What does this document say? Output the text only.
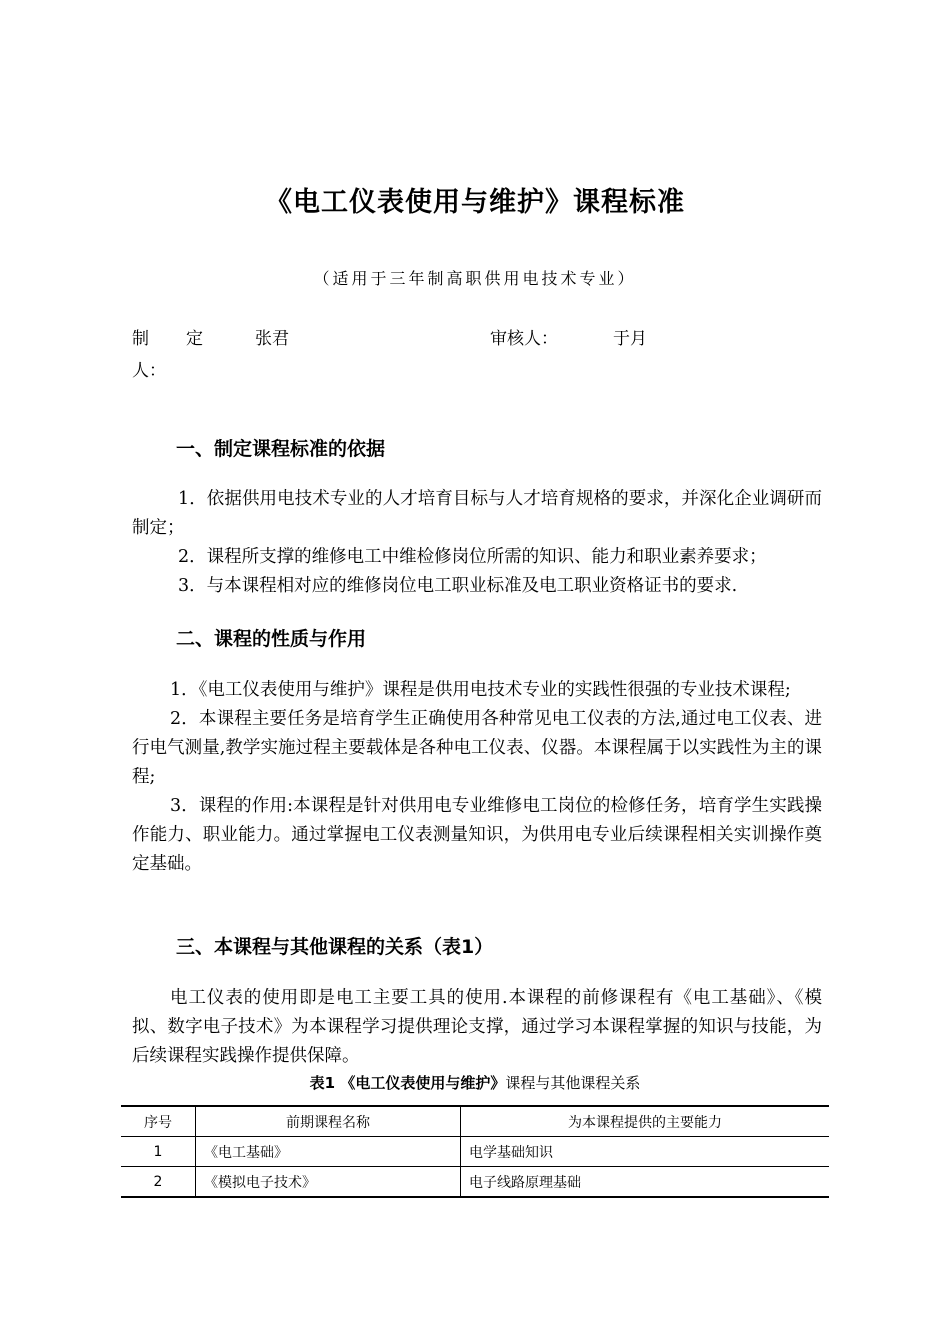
《电工仪表使用与维护》课程标准
（适用于三年制高职供用电技术专业）
制 定
人：
张君	审核人：	于月
一、制定课程标准的依据

1．依据供用电技术专业的人才培育目标与人才培育规格的要求，并深化企业调研而制定；

2．课程所支撑的维修电工中维检修岗位所需的知识、能力和职业素养要求；

3．与本课程相对应的维修岗位电工职业标准及电工职业资格证书的要求.

二、课程的性质与作用

1．《电工仪表使用与维护》课程是供用电技术专业的实践性很强的专业技术课程;

2．本课程主要任务是培育学生正确使用各种常见电工仪表的方法,通过电工仪表、进行电气测量,教学实施过程主要载体是各种电工仪表、仪器。本课程属于以实践性为主的课程;

3．课程的作用:本课程是针对供用电专业维修电工岗位的检修任务，培育学生实践操作能力、职业能力。通过掌握电工仪表测量知识，为供用电专业后续课程相关实训操作奠定基础。

三、本课程与其他课程的关系（表1）

电工仪表的使用即是电工主要工具的使用.本课程的前修课程有《电工基础》、《模拟、数字电子技术》为本课程学习提供理论支撑，通过学习本课程掌握的知识与技能，为后续课程实践操作提供保障。

表1 《电工仪表使用与维护》课程与其他课程关系
序号	前期课程名称	为本课程提供的主要能力
1	《电工基础》	电学基础知识
2	《模拟电子技术》	电子线路原理基础
